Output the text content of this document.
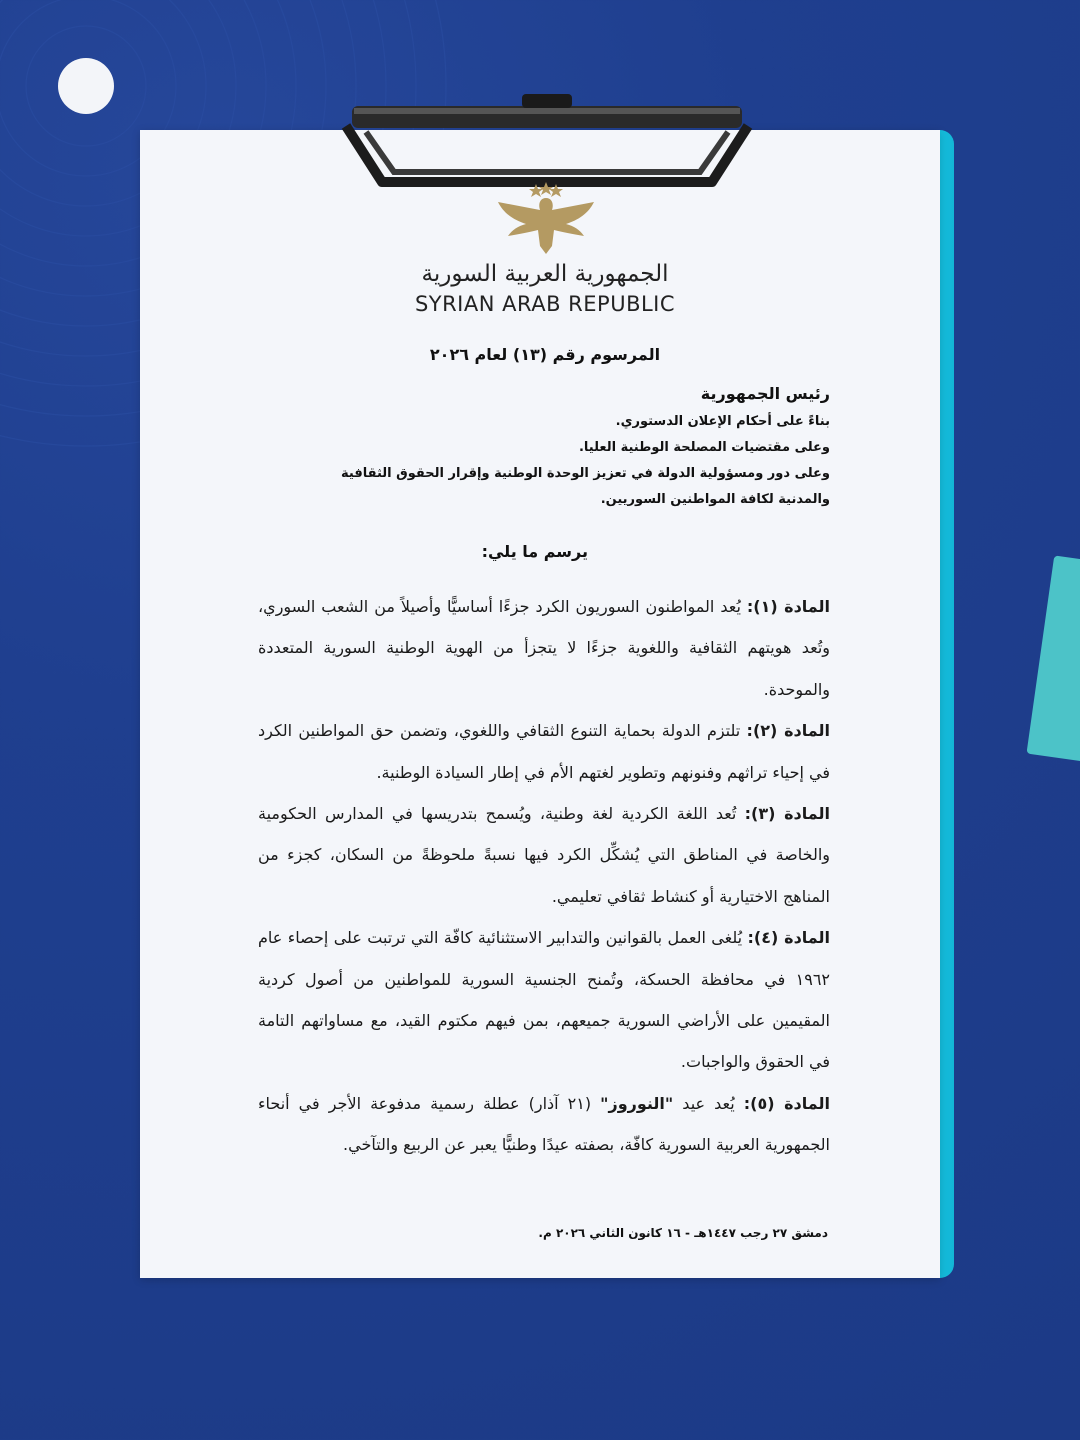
الجمهورية العربية السورية
SYRIAN ARAB REPUBLIC
المرسوم رقم (١٣) لعام ٢٠٢٦
رئيس الجمهورية
بناءً على أحكام الإعلان الدستوري.
وعلى مقتضيات المصلحة الوطنية العليا.
وعلى دور ومسؤولية الدولة في تعزيز الوحدة الوطنية وإقرار الحقوق الثقافية والمدنية لكافة المواطنين السوريين.
يرسم ما يلي:

المادة (١): يُعد المواطنون السوريون الكرد جزءًا أساسيًّا وأصيلاً من الشعب السوري، وتُعد هويتهم الثقافية واللغوية جزءًا لا يتجزأ من الهوية الوطنية السورية المتعددة والموحدة.

المادة (٢): تلتزم الدولة بحماية التنوع الثقافي واللغوي، وتضمن حق المواطنين الكرد في إحياء تراثهم وفنونهم وتطوير لغتهم الأم في إطار السيادة الوطنية.

المادة (٣): تُعد اللغة الكردية لغة وطنية، ويُسمح بتدريسها في المدارس الحكومية والخاصة في المناطق التي يُشكِّل الكرد فيها نسبةً ملحوظةً من السكان، كجزء من المناهج الاختيارية أو كنشاط ثقافي تعليمي.

المادة (٤): يُلغى العمل بالقوانين والتدابير الاستثنائية كافّة التي ترتبت على إحصاء عام ١٩٦٢ في محافظة الحسكة، وتُمنح الجنسية السورية للمواطنين من أصول كردية المقيمين على الأراضي السورية جميعهم، بمن فيهم مكتوم القيد، مع مساواتهم التامة في الحقوق والواجبات.

المادة (٥): يُعد عيد "النوروز" (٢١ آذار) عطلة رسمية مدفوعة الأجر في أنحاء الجمهورية العربية السورية كافّة، بصفته عيدًا وطنيًّا يعبر عن الربيع والتآخي.

دمشق ٢٧ رجب ١٤٤٧هـ - ١٦ كانون الثاني ٢٠٢٦ م.
